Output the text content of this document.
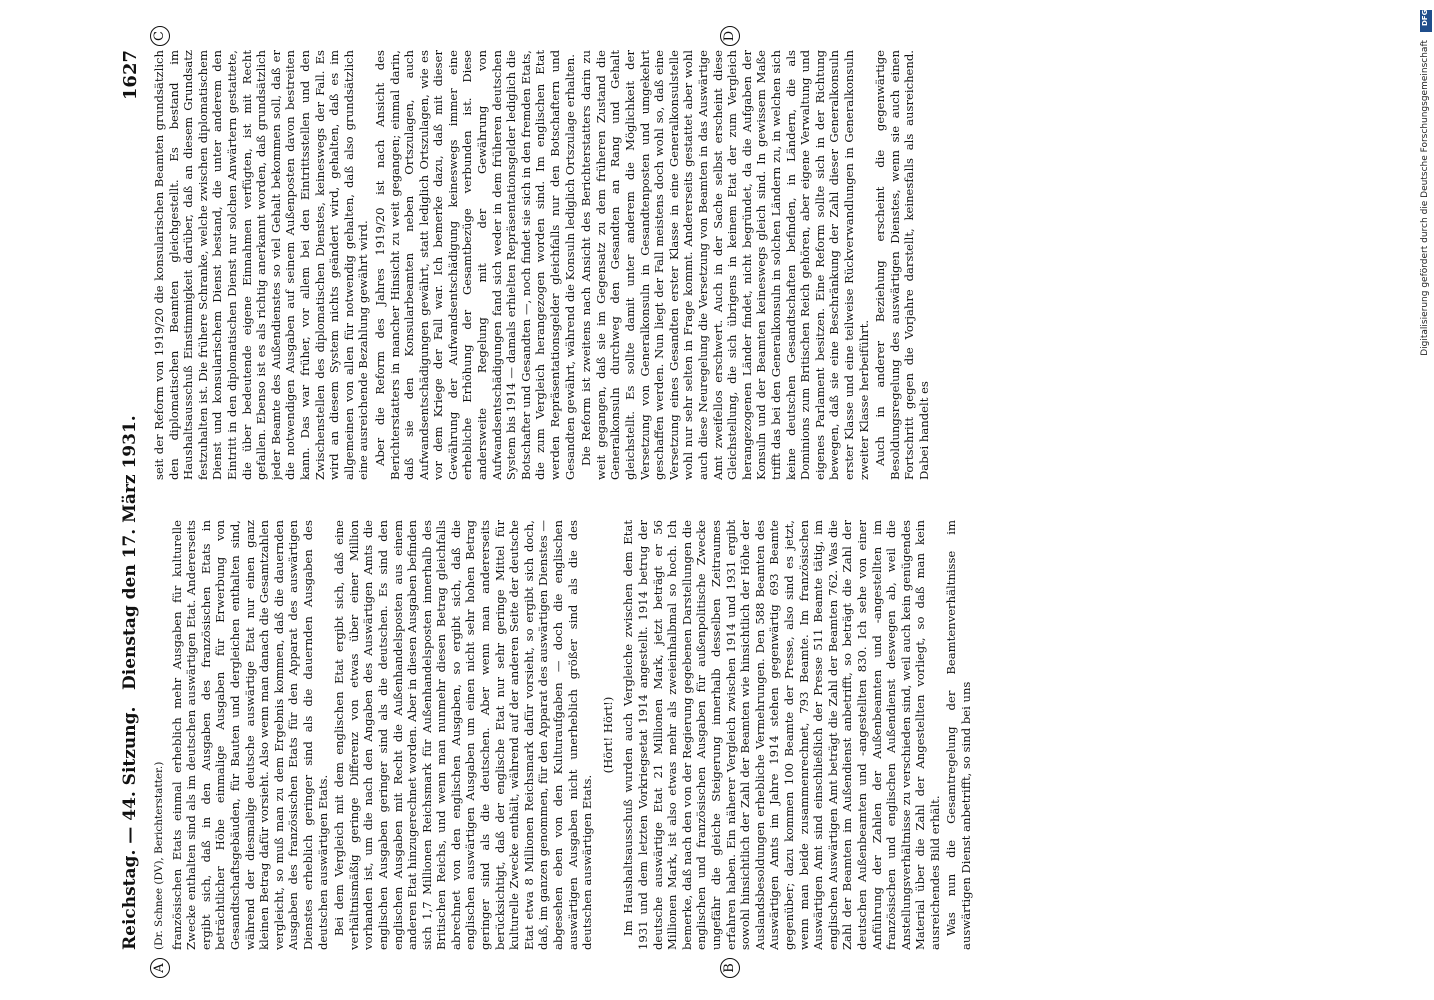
Reichstag. — 44. Sitzung.
Dienstag den 17. März 1931.
1627
(Dr. Schnee (DV), Berichterstatter.) französischen Etats einmal erheblich mehr Ausgaben für kulturelle Zwecke enthalten sind als im deutschen auswärtigen Etat. Andererseits ergibt sich, daß in den Ausgaben des französischen Etats in beträchtlicher Höhe einmalige Ausgaben für Erwerbung von Gesandtschaftsgebäuden, für Bauten und dergleichen enthalten sind, während der diesmalige deutsche auswärtige Etat nur einen ganz kleinen Betrag dafür vorsieht. Also wenn man danach die Gesamtzahlen vergleicht, so muß man zu dem Ergebnis kommen, daß die dauernden Ausgaben des französischen Etats für den Apparat des auswärtigen Dienstes erheblich geringer sind als die dauernden Ausgaben des deutschen auswärtigen Etats. Bei dem Vergleich mit dem englischen Etat ergibt sich, daß eine verhältnismäßig geringe Differenz von etwas über einer Million vorhanden ist, um die nach den Angaben des Auswärtigen Amts die englischen Ausgaben geringer sind als die deutschen. Es sind den englischen Ausgaben mit Recht die Außenhandelsposten aus einem anderen Etat hinzugerechnet worden. Aber in diesen Ausgaben befinden sich 1,7 Millionen Reichsmark für Außenhandelsposten innerhalb des Britischen Reichs, und wenn man nunmehr diesen Betrag gleichfalls abrechnet von den englischen Ausgaben, so ergibt sich, daß die englischen auswärtigen Ausgaben um einen nicht sehr hohen Betrag geringer sind als die deutschen. Aber wenn man andererseits berücksichtigt, daß der englische Etat nur sehr geringe Mittel für kulturelle Zwecke enthält, während auf der anderen Seite der deutsche Etat etwa 8 Millionen Reichsmark dafür vorsieht, so ergibt sich doch, daß, im ganzen genommen, für den Apparat des auswärtigen Dienstes — abgesehen eben von den Kulturaufgaben — doch die englischen auswärtigen Ausgaben nicht unerheblich größer sind als die des deutschen auswärtigen Etats.

(Hört! Hört!) Im Haushaltsausschuß wurden auch Vergleiche zwischen dem Etat 1931 und dem letzten Vorkriegsetat 1914 angestellt. 1914 betrug der deutsche auswärtige Etat 21 Millionen Mark, jetzt beträgt er 56 Millionen Mark, ist also etwas mehr als zweieinhalbmal so hoch. Ich bemerke, daß nach den von der Regierung gegebenen Darstellungen die englischen und französischen Ausgaben für außenpolitische Zwecke ungefähr die gleiche Steigerung innerhalb desselben Zeitraumes erfahren haben. Ein näherer Vergleich zwischen 1914 und 1931 ergibt sowohl hinsichtlich der Zahl der Beamten wie hinsichtlich der Höhe der Auslandsbesoldungen erhebliche Vermehrungen. Den 588 Beamten des Auswärtigen Amts im Jahre 1914 stehen gegenwärtig 693 Beamte gegenüber; dazu kommen 100 Beamte der Presse, also sind es jetzt, wenn man beide zusammenrechnet, 793 Beamte. Im französischen Auswärtigen Amt sind einschließlich der Presse 511 Beamte tätig, im englischen Auswärtigen Amt beträgt die Zahl der Beamten 762. Was die Zahl der Beamten im Außendienst anbetrifft, so beträgt die Zahl der deutschen Außenbeamten und -angestellten 830. Ich sehe von einer Anführung der Zahlen der Außenbeamten und -angestellten im französischen und englischen Außendienst deswegen ab, weil die Anstellungsverhältnisse zu verschieden sind, weil auch kein genügendes Material über die Zahl der Angestellten vorliegt, so daß man kein ausreichendes Bild erhält. Was nun die Gesamtregelung der Beamtenverhältnisse im auswärtigen Dienst anbetrifft, so sind bei uns

seit der Reform von 1919/20 die konsularischen Beamten grundsätzlich den diplomatischen Beamten gleichgestellt. Es bestand im Haushaltsausschuß Einstimmigkeit darüber, daß an diesem Grundsatz festzuhalten ist. Die frühere Schranke, welche zwischen diplomatischem Dienst und konsularischem Dienst bestand, die unter anderem den Eintritt in den diplomatischen Dienst nur solchen Anwärtern gestattete, die über bedeutende eigene Einnahmen verfügten, ist mit Recht gefallen. Ebenso ist es als richtig anerkannt worden, daß grundsätzlich jeder Beamte des Außendienstes so viel Gehalt bekommen soll, daß er die notwendigen Ausgaben auf seinem Außenposten davon bestreiten kann. Das war früher, vor allem bei den Eintrittsstellen und den Zwischenstellen des diplomatischen Dienstes, keineswegs der Fall. Es wird an diesem System nichts geändert wird, gehalten, daß es im allgemeinen von allen für notwendig gehalten, daß also grundsätzlich eine ausreichende Bezahlung gewährt wird. Aber die Reform des Jahres 1919/20 ist nach Ansicht des Berichterstatters in mancher Hinsicht zu weit gegangen; einmal darin, daß sie den Konsularbeamten neben Ortszulagen, auch Aufwandsentschädigungen gewährt, statt lediglich Ortszulagen, wie es vor dem Kriege der Fall war. Ich bemerke dazu, daß mit dieser Gewährung der Aufwandsentschädigung keineswegs immer eine erhebliche Erhöhung der Gesamtbezüge verbunden ist. Diese andersweite Regelung mit der Gewährung von Aufwandsentschädigungen fand sich weder in dem früheren deutschen System bis 1914 — damals erhielten Repräsentationsgelder lediglich die Botschafter und Gesandten —, noch findet sie sich in den fremden Etats, die zum Vergleich herangezogen worden sind. Im englischen Etat werden Repräsentationsgelder gleichfalls nur den Botschaftern und Gesandten gewährt, während die Konsuln lediglich Ortszulage erhalten. Die Reform ist zweitens nach Ansicht des Berichterstatters darin zu weit gegangen, daß sie im Gegensatz zu dem früheren Zustand die Generalkonsuln durchweg den Gesandten an Rang und Gehalt gleichstellt. Es sollte damit unter anderem die Möglichkeit der Versetzung von Generalkonsuln in Gesandtenposten und umgekehrt geschaffen werden. Nun liegt der Fall meistens doch wohl so, daß eine Versetzung eines Gesandten erster Klasse in eine Generalkonsulstelle wohl nur sehr selten in Frage kommt. Andererseits gestattet aber wohl auch diese Neuregelung die Versetzung von Beamten in das Auswärtige Amt zweifellos erschwert. Auch in der Sache selbst erscheint diese Gleichstellung, die sich übrigens in keinem Etat der zum Vergleich herangezogenen Länder findet, nicht begründet, da die Aufgaben der Konsuln und der Beamten keineswegs gleich sind. In gewissem Maße trifft das bei den Generalkonsuln in solchen Ländern zu, in welchen sich keine deutschen Gesandtschaften befinden, in Ländern, die als Dominions zum Britischen Reich gehören, aber eigene Verwaltung und eigenes Parlament besitzen. Eine Reform sollte sich in der Richtung bewegen, daß sie eine Beschränkung der Zahl dieser Generalkonsuln erster Klasse und eine teilweise Rückverwandlungen in Generalkonsuln zweiter Klasse herbeiführt. Auch in anderer Beziehung erscheint die gegenwärtige Besoldungsregelung des auswärtigen Dienstes, wenn sie auch einen Fortschritt gegen die Vorjahre darstellt, keinesfalls als ausreichend. Dabei handelt es

A	B
C	D
DFG
Digitalisierung gefördert durch die Deutsche Forschungsgemeinschaft
